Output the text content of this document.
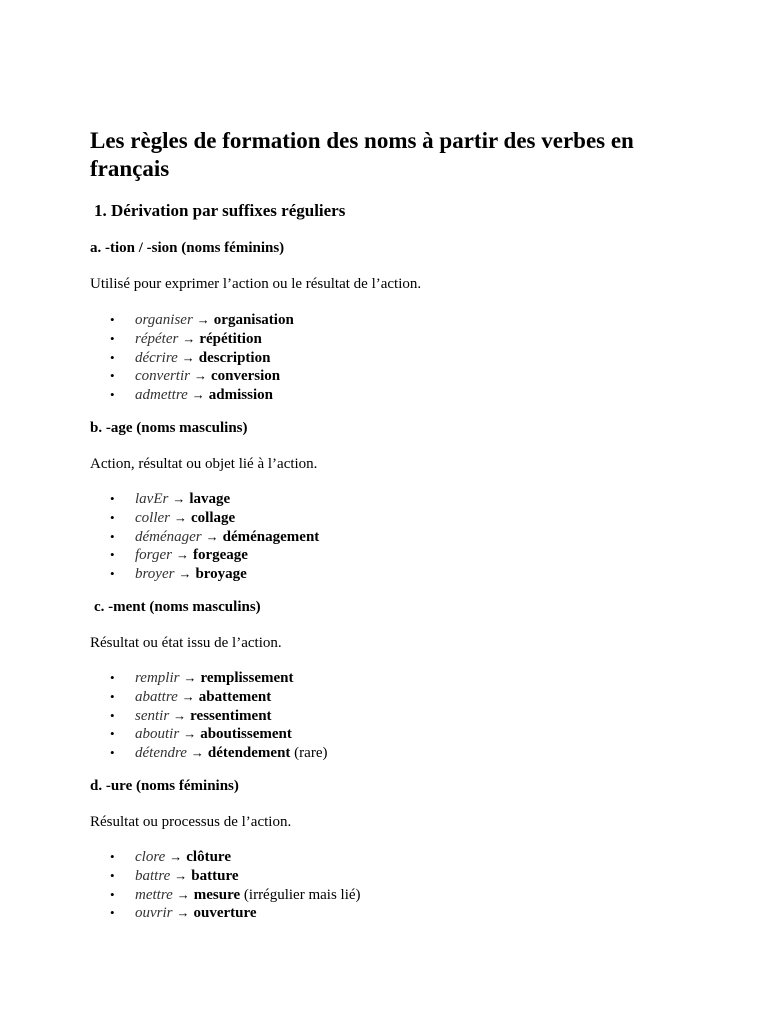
Les règles de formation des noms à partir des verbes en français
1. Dérivation par suffixes réguliers
a. -tion / -sion (noms féminins)

Utilisé pour exprimer l’action ou le résultat de l’action.

• organiser → organisation
• répéter → répétition
• décrire → description
• convertir → conversion
• admettre → admission
b. -age (noms masculins)

Action, résultat ou objet lié à l’action.

• lavEr → lavage
• coller → collage
• déménager → déménagement
• forger → forgeage
• broyer → broyage
c. -ment (noms masculins)

Résultat ou état issu de l’action.

• remplir → remplissement
• abattre → abattement
• sentir → ressentiment
• aboutir → aboutissement
• détendre → détendement (rare)
d. -ure (noms féminins)

Résultat ou processus de l’action.

• clore → clôture
• battre → batture
• mettre → mesure (irrégulier mais lié)
• ouvrir → ouverture
